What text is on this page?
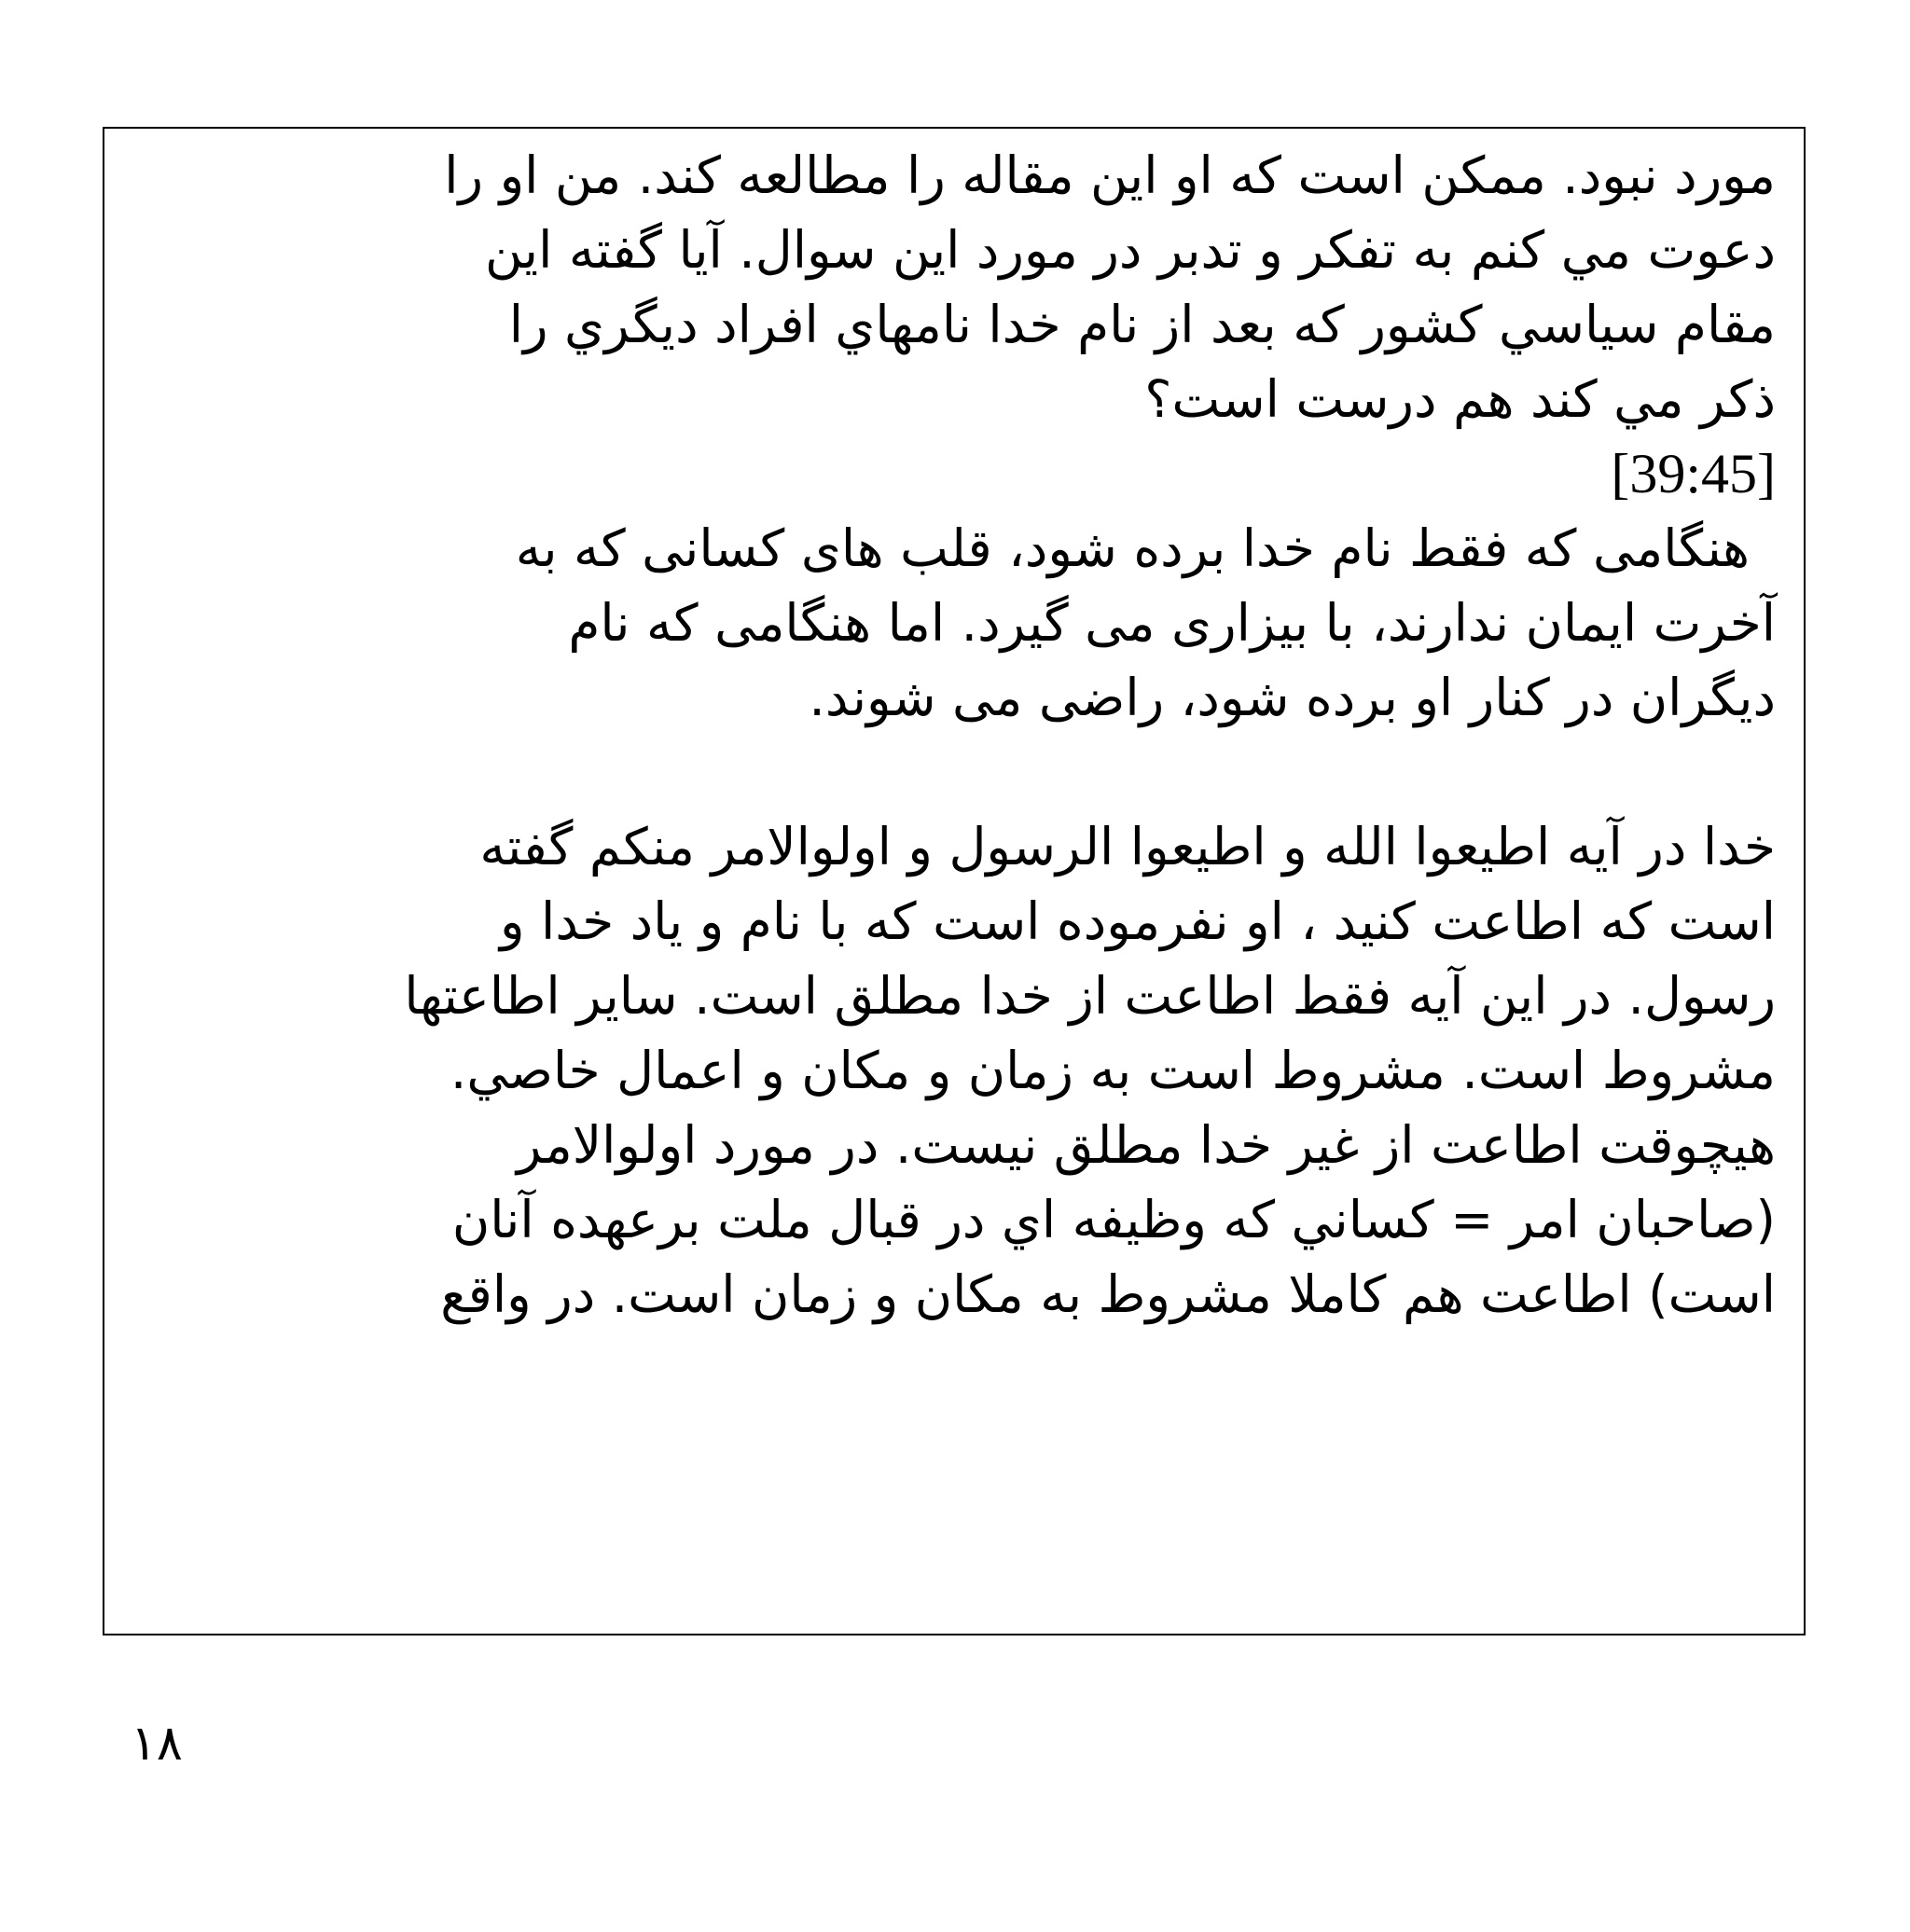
مورد نبود. ممكن است كه او اين مقاله را مطالعه كند. من او را
دعوت مي كنم به تفكر و تدبر در مورد اين سوال. آيا گفته اين
مقام سياسي كشور كه بعد از نام خدا نامهاي افراد ديگري را
ذكر مي كند هم درست است؟
[39:45]
هنگامی که فقط نام خدا برده شود، قلب های کسانی که به
آخرت ایمان ندارند، با بیزاری می گیرد. اما هنگامی که نام
دیگران در کنار او برده شود، راضی می شوند.
خدا در آيه اطيعوا الله و اطيعوا الرسول و اولوالامر منكم گفته
است كه اطاعت كنيد ، او نفرموده است كه با نام و ياد خدا و
رسول. در اين آيه فقط اطاعت از خدا مطلق است. ساير اطاعتها
مشروط است. مشروط است به زمان و مكان و اعمال خاصي.
هيچوقت اطاعت از غير خدا مطلق نيست. در مورد اولوالامر
(صاحبان امر = كساني كه وظيفه اي در قبال ملت برعهده آنان
است) اطاعت هم كاملا مشروط به مكان و زمان است. در واقع
١٨
